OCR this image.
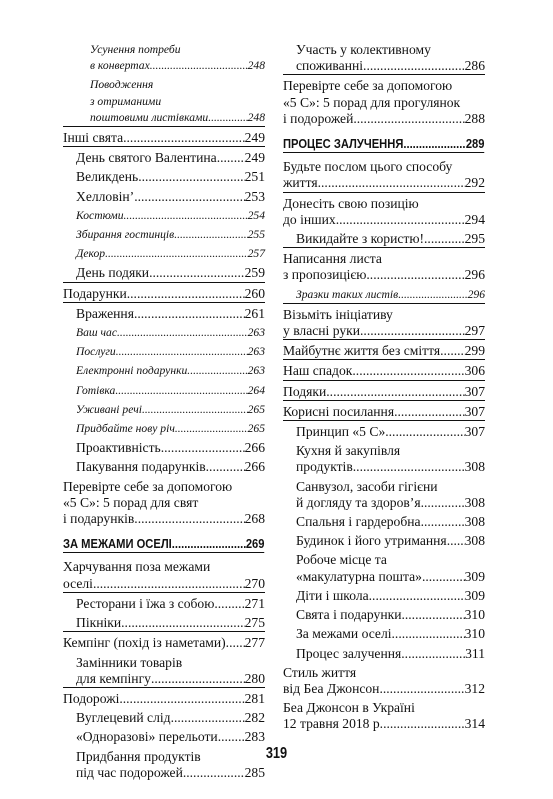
Усунення потреби
в конвертах .....	248
Поводження
з отриманими
поштовими листівками .....	248
Інші свята .....	249
День святого Валентина ..... 249
Великдень .....	251
Хелловін’ .....	253
Костюми .....	254
Збирання гостинців .....	255
Декор .....	257
День подяки .....	259
Подарунки .....	260
Враження .....	261
Ваш час .....	263
Послуги .....	263
Електронні подарунки .....	263
Готівка .....	264
Уживані речі .....	265
Придбайте нову річ .....	265
Проактивність .....	266
Пакування подарунків .....	266
Перевірте себе за допомогою
«5 С»: 5 порад для свят
і подарунків .....	268
ЗА МЕЖАМИ ОСЕЛІ .....	269
Харчування поза межами
оселі .....	270
Ресторани і їжа з собою ..... 271
Пікніки .....	275
Кемпінг (похід із наметами) ..... 277
Замінники товарів
для кемпінгу .....	280
Подорожі .....	281
Вуглецевий слід .....	282
«Одноразові» перельоти ..... 283
Придбання продуктів
під час подорожей .....	285
Участь у колективному
споживанні .....	286
Перевірте себе за допомогою
«5 С»: 5 порад для прогулянок
і подорожей .....	288
ПРОЦЕС ЗАЛУЧЕННЯ .....	289
Будьте послом цього способу
життя .....	292
Донесіть свою позицію
до інших .....	294
Викидайте з користю! .....	295
Написання листа
з пропозицією .....	296
Зразки таких листів .....	296
Візьміть ініціативу
у власні руки .....	297
Майбутнє життя без сміття ..... 299
Наш спадок .....	306
Подяки .....	307
Корисні посилання .....	307
Принцип «5 С» .....	307
Кухня й закупівля
продуктів .....	308
Санвузол, засоби гігієни
й догляду та здоров’я .....	308
Спальня і гардеробна .....	308
Будинок і його утримання ..... 308
Робоче місце та
«макулатурна пошта» .....	309
Діти і школа .....	309
Свята і подарунки .....	310
За межами оселі .....	310
Процес залучення .....	311
Стиль життя
від Беа Джонсон .....	312
Беа Джонсон в Україні
12 травня 2018 р. .....	314
319
